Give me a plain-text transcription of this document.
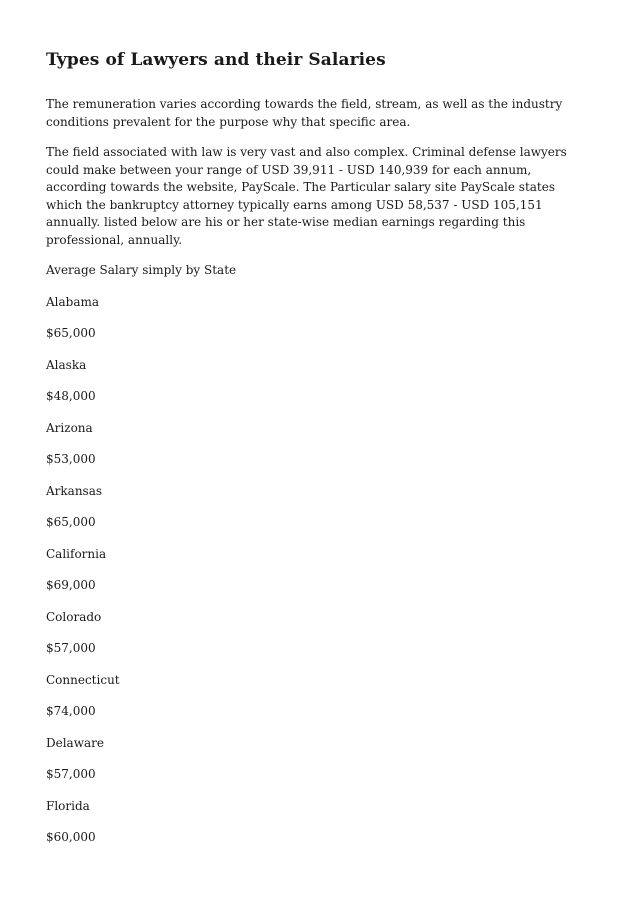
Types of Lawyers and their Salaries

The remuneration varies according towards the field, stream, as well as the industry conditions prevalent for the purpose why that specific area.

The field associated with law is very vast and also complex. Criminal defense lawyers could make between your range of USD 39,911 - USD 140,939 for each annum, according towards the website, PayScale. The Particular salary site PayScale states which the bankruptcy attorney typically earns among USD 58,537 - USD 105,151 annually. listed below are his or her state-wise median earnings regarding this professional, annually.

Average Salary simply by State

Alabama

$65,000

Alaska

$48,000

Arizona

$53,000

Arkansas

$65,000

California

$69,000

Colorado

$57,000

Connecticut

$74,000

Delaware

$57,000

Florida

$60,000
